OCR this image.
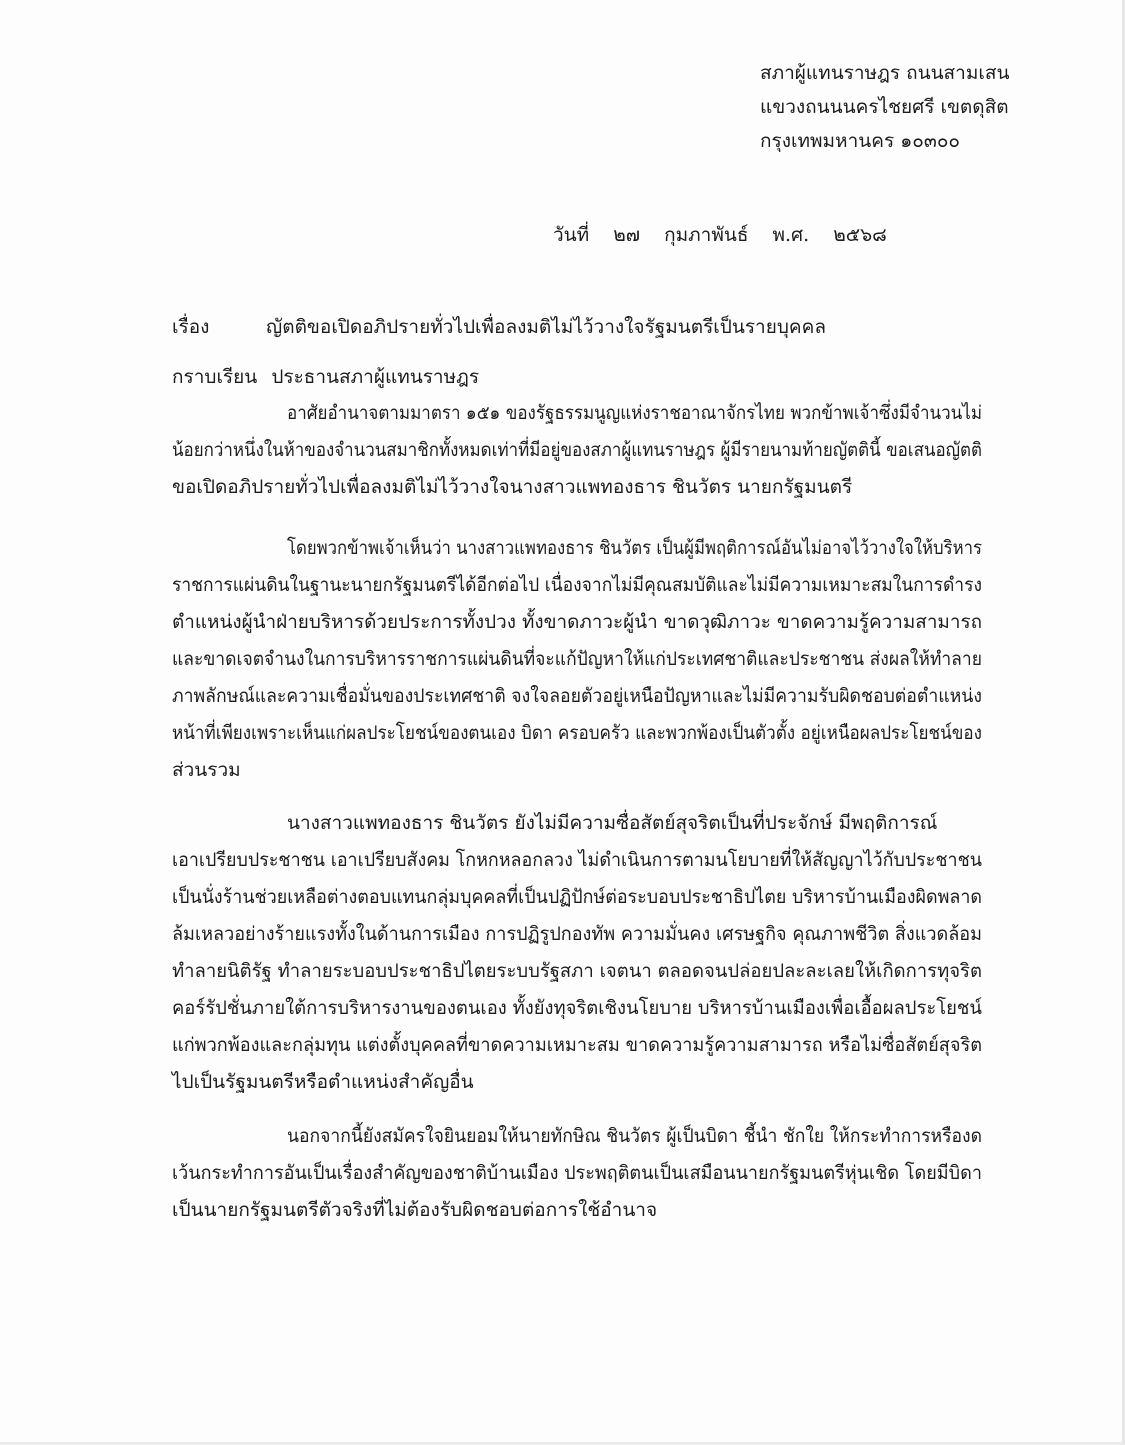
สภาผู้แทนราษฎร ถนนสามเสน
แขวงถนนนครไชยศรี เขตดุสิต
กรุงเทพมหานคร ๑๐๓๐๐
วันที่ ๒๗ กุมภาพันธ์ พ.ศ. ๒๕๖๘
เรื่อง	ญัตติขอเปิดอภิปรายทั่วไปเพื่อลงมติไม่ไว้วางใจรัฐมนตรีเป็นรายบุคคล
กราบเรียน ประธานสภาผู้แทนราษฎร
อาศัยอำนาจตามมาตรา ๑๕๑ ของรัฐธรรมนูญแห่งราชอาณาจักรไทย พวกข้าพเจ้าซึ่งมีจำนวนไม่
น้อยกว่าหนึ่งในห้าของจำนวนสมาชิกทั้งหมดเท่าที่มีอยู่ของสภาผู้แทนราษฎร ผู้มีรายนามท้ายญัตตินี้ ขอเสนอญัตติ
ขอเปิดอภิปรายทั่วไปเพื่อลงมติไม่ไว้วางใจนางสาวแพทองธาร ชินวัตร นายกรัฐมนตรี
โดยพวกข้าพเจ้าเห็นว่า นางสาวแพทองธาร ชินวัตร เป็นผู้มีพฤติการณ์อันไม่อาจไว้วางใจให้บริหาร
ราชการแผ่นดินในฐานะนายกรัฐมนตรีได้อีกต่อไป เนื่องจากไม่มีคุณสมบัติและไม่มีความเหมาะสมในการดำรง
ตำแหน่งผู้นำฝ่ายบริหารด้วยประการทั้งปวง ทั้งขาดภาวะผู้นำ ขาดวุฒิภาวะ ขาดความรู้ความสามารถ
และขาดเจตจำนงในการบริหารราชการแผ่นดินที่จะแก้ปัญหาให้แก่ประเทศชาติและประชาชน ส่งผลให้ทำลาย
ภาพลักษณ์และความเชื่อมั่นของประเทศชาติ จงใจลอยตัวอยู่เหนือปัญหาและไม่มีความรับผิดชอบต่อตำแหน่ง
หน้าที่เพียงเพราะเห็นแก่ผลประโยชน์ของตนเอง บิดา ครอบครัว และพวกพ้องเป็นตัวตั้ง อยู่เหนือผลประโยชน์ของ
ส่วนรวม
นางสาวแพทองธาร ชินวัตร ยังไม่มีความซื่อสัตย์สุจริตเป็นที่ประจักษ์ มีพฤติการณ์
เอาเปรียบประชาชน เอาเปรียบสังคม โกหกหลอกลวง ไม่ดำเนินการตามนโยบายที่ให้สัญญาไว้กับประชาชน
เป็นนั่งร้านช่วยเหลือต่างตอบแทนกลุ่มบุคคลที่เป็นปฏิปักษ์ต่อระบอบประชาธิปไตย บริหารบ้านเมืองผิดพลาด
ล้มเหลวอย่างร้ายแรงทั้งในด้านการเมือง การปฏิรูปกองทัพ ความมั่นคง เศรษฐกิจ คุณภาพชีวิต สิ่งแวดล้อม
ทำลายนิติรัฐ ทำลายระบอบประชาธิปไตยระบบรัฐสภา เจตนา ตลอดจนปล่อยปละละเลยให้เกิดการทุจริต
คอร์รัปชั่นภายใต้การบริหารงานของตนเอง ทั้งยังทุจริตเชิงนโยบาย บริหารบ้านเมืองเพื่อเอื้อผลประโยชน์
แก่พวกพ้องและกลุ่มทุน แต่งตั้งบุคคลที่ขาดความเหมาะสม ขาดความรู้ความสามารถ หรือไม่ซื่อสัตย์สุจริต
ไปเป็นรัฐมนตรีหรือตำแหน่งสำคัญอื่น
นอกจากนี้ยังสมัครใจยินยอมให้นายทักษิณ ชินวัตร ผู้เป็นบิดา ชี้นำ ชักใย ให้กระทำการหรืองด
เว้นกระทำการอันเป็นเรื่องสำคัญของชาติบ้านเมือง ประพฤติตนเป็นเสมือนนายกรัฐมนตรีหุ่นเชิด โดยมีบิดา
เป็นนายกรัฐมนตรีตัวจริงที่ไม่ต้องรับผิดชอบต่อการใช้อำนาจ
